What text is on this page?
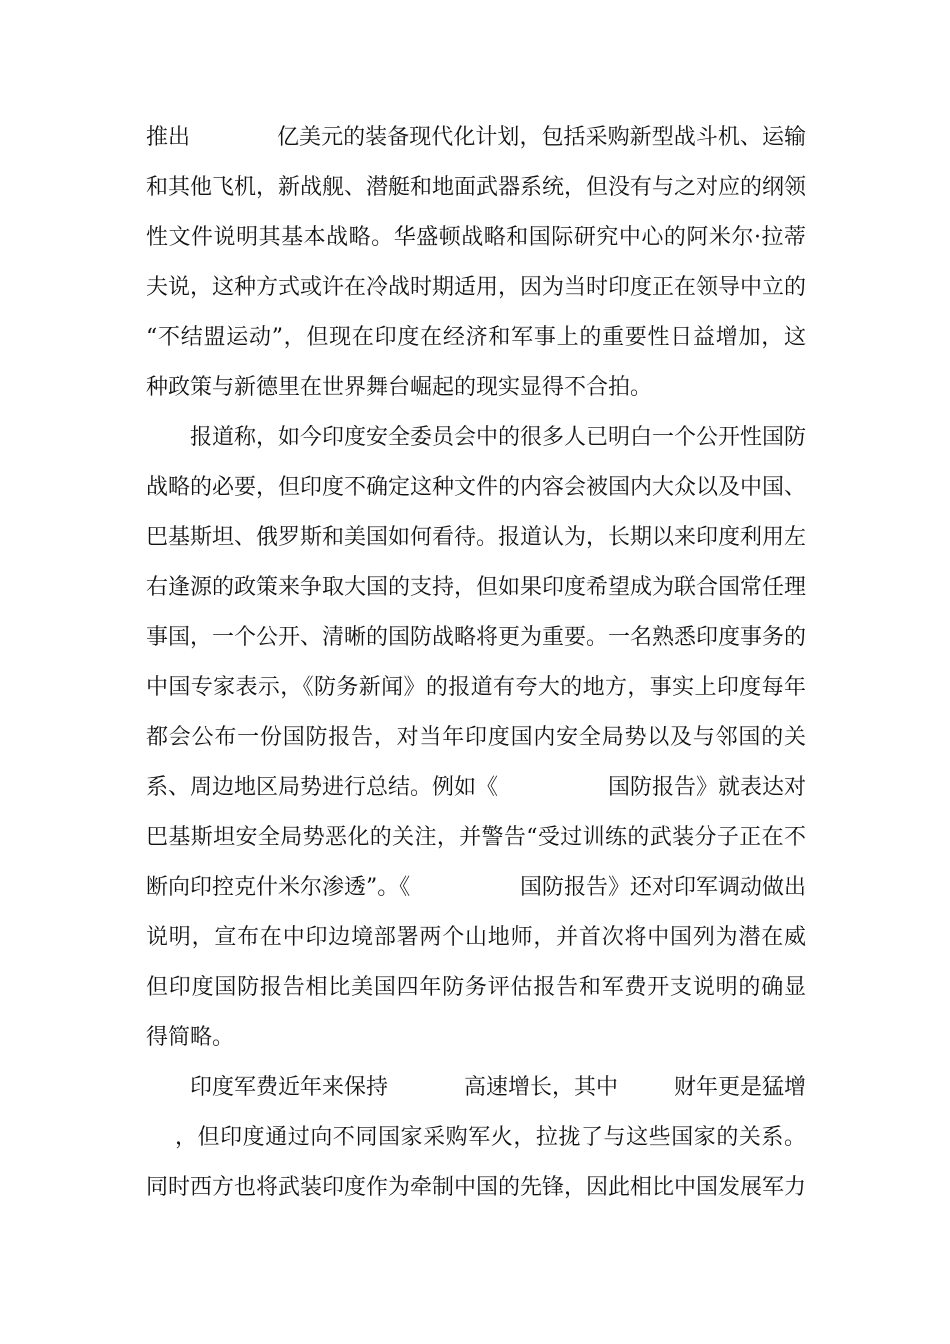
推出	亿美元的装备现代化计划，包括采购新型战斗机、运输
和其他飞机，新战舰、潜艇和地面武器系统，但没有与之对应的纲领
性文件说明其基本战略。华盛顿战略和国际研究中心的阿米尔·拉蒂
夫说，这种方式或许在冷战时期适用，因为当时印度正在领导中立的
“不结盟运动”，但现在印度在经济和军事上的重要性日益增加，这
种政策与新德里在世界舞台崛起的现实显得不合拍。
报道称，如今印度安全委员会中的很多人已明白一个公开性国防
战略的必要，但印度不确定这种文件的内容会被国内大众以及中国、
巴基斯坦、俄罗斯和美国如何看待。报道认为，长期以来印度利用左
右逢源的政策来争取大国的支持，但如果印度希望成为联合国常任理
事国，一个公开、清晰的国防战略将更为重要。一名熟悉印度事务的
中国专家表示，《防务新闻》的报道有夸大的地方，事实上印度每年
都会公布一份国防报告，对当年印度国内安全局势以及与邻国的关
系、周边地区局势进行总结。例如《	国防报告》就表达对
巴基斯坦安全局势恶化的关注，并警告“受过训练的武装分子正在不
断向印控克什米尔渗透”。《	国防报告》还对印军调动做出
说明，宣布在中印边境部署两个山地师，并首次将中国列为潜在威
但印度国防报告相比美国四年防务评估报告和军费开支说明的确显
得简略。
印度军费近年来保持	高速增长，其中	财年更是猛增
，但印度通过向不同国家采购军火，拉拢了与这些国家的关系。
同时西方也将武装印度作为牵制中国的先锋，因此相比中国发展军力
